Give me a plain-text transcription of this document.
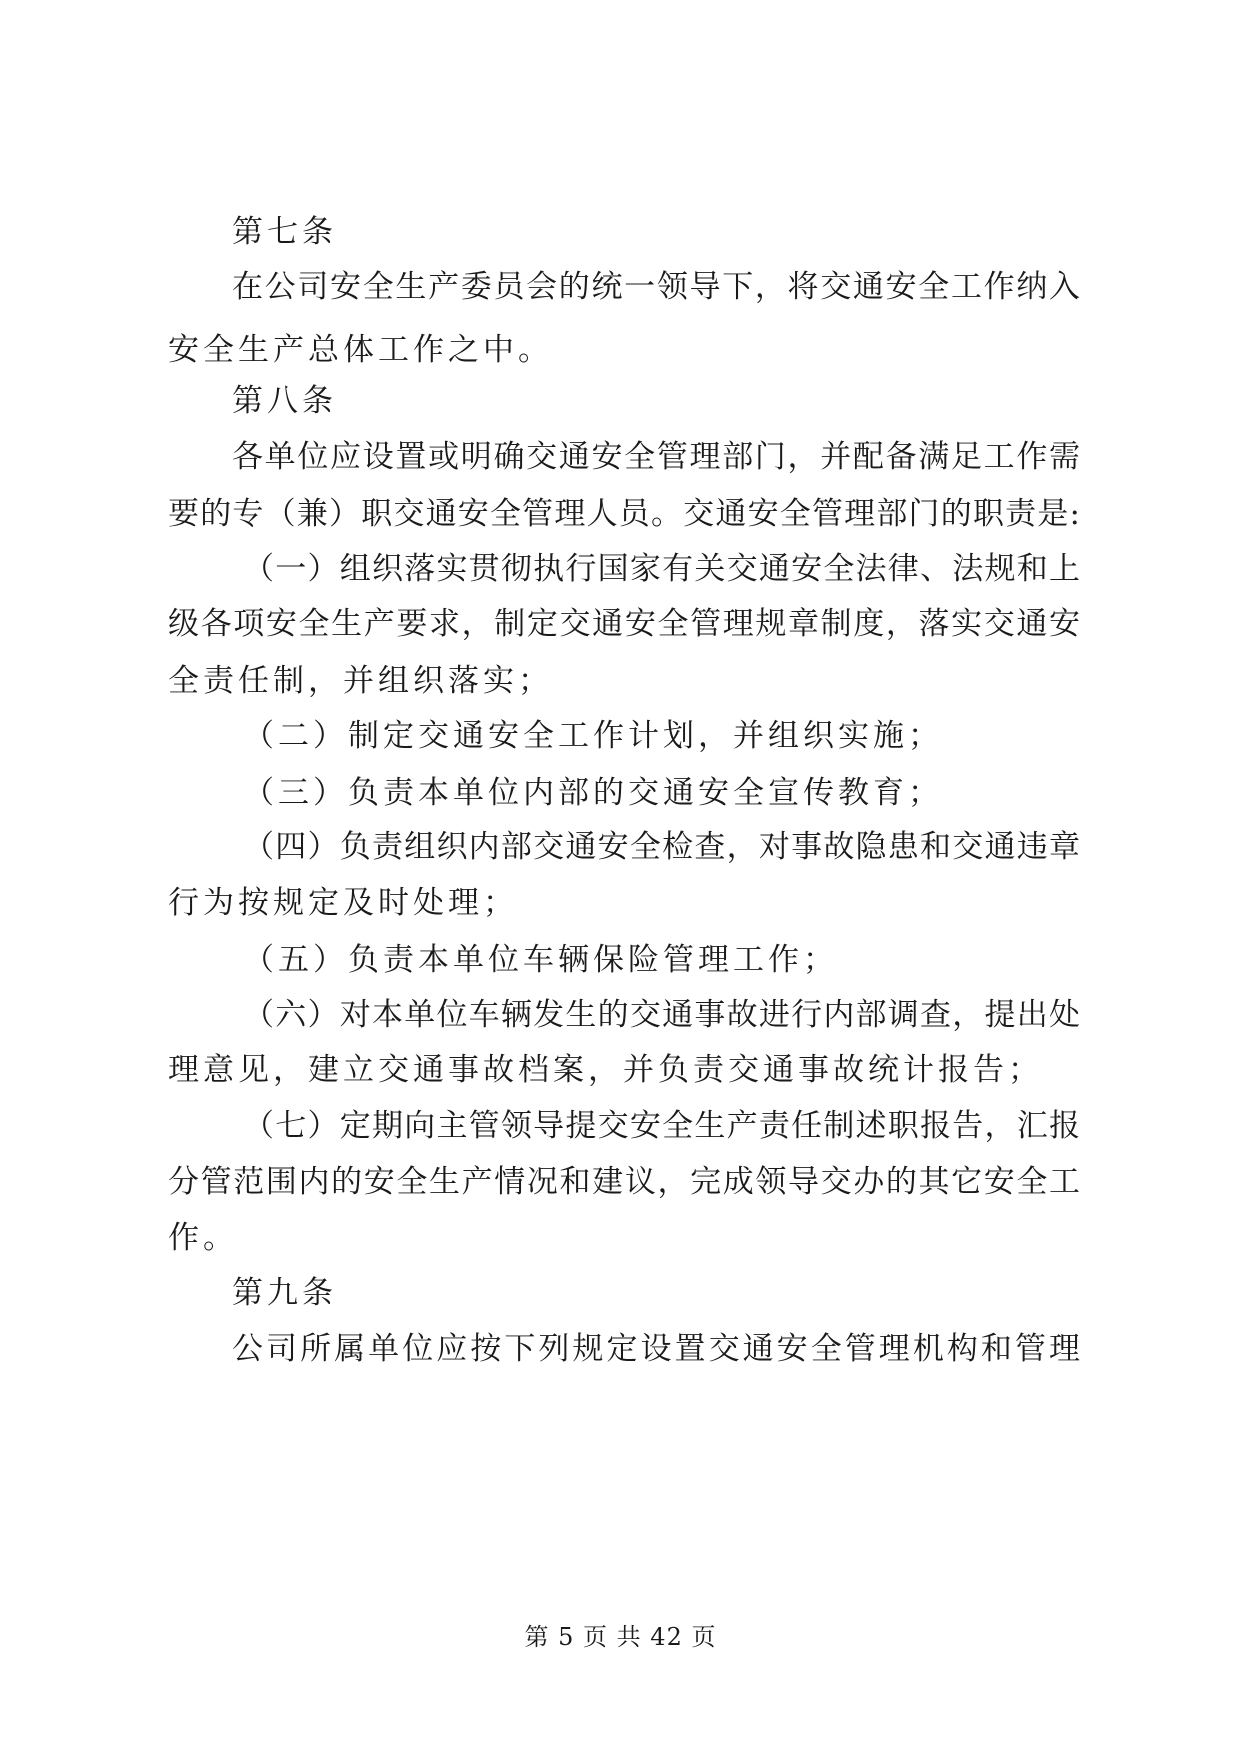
第七条
在公司安全生产委员会的统一领导下，将交通安全工作纳入
安全生产总体工作之中。
第八条
各单位应设置或明确交通安全管理部门，并配备满足工作需
要的专（兼）职交通安全管理人员。交通安全管理部门的职责是:
（一）组织落实贯彻执行国家有关交通安全法律、法规和上
级各项安全生产要求，制定交通安全管理规章制度，落实交通安
全责任制，并组织落实；
（二）制定交通安全工作计划，并组织实施；
（三）负责本单位内部的交通安全宣传教育；
（四）负责组织内部交通安全检查，对事故隐患和交通违章
行为按规定及时处理；
（五）负责本单位车辆保险管理工作；
（六）对本单位车辆发生的交通事故进行内部调查，提出处
理意见，建立交通事故档案，并负责交通事故统计报告；
（七）定期向主管领导提交安全生产责任制述职报告，汇报
分管范围内的安全生产情况和建议，完成领导交办的其它安全工
作。
第九条
公司所属单位应按下列规定设置交通安全管理机构和管理
第 5 页 共 42 页
